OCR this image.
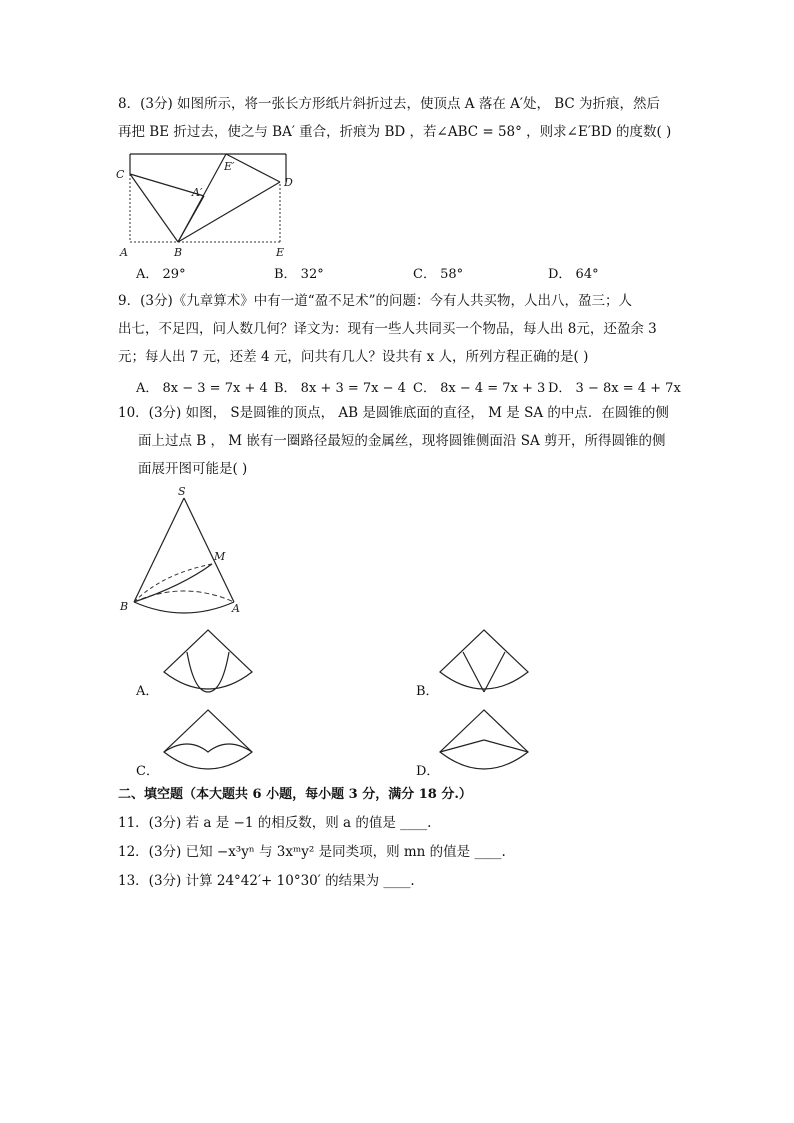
8．(3分) 如图所示，将一张长方形纸片斜折过去，使顶点 A 落在 A′处， BC 为折痕，然后
再把 BE 折过去，使之与 BA′ 重合，折痕为 BD ，若∠ABC = 58° ，则求∠E′BD 的度数( )
C
A′
E′
D
A	B	E
A． 29°	B． 32°	C． 58°	D． 64°
9．(3分)《九章算术》中有一道“盈不足术”的问题：今有人共买物，人出八，盈三；人
出七，不足四，问人数几何？译文为：现有一些人共同买一个物品，每人出 8元，还盈余 3
元；每人出 7 元，还差 4 元，问共有几人？设共有 x 人，所列方程正确的是( )
A． 8x − 3 = 7x + 4 B． 8x + 3 = 7x − 4 C． 8x − 4 = 7x + 3 D． 3 − 8x = 4 + 7x
10．(3分) 如图， S是圆锥的顶点， AB 是圆锥底面的直径， M 是 SA 的中点．在圆锥的侧
面上过点 B ， M 嵌有一圈路径最短的金属丝，现将圆锥侧面沿 SA 剪开，所得圆锥的侧
面展开图可能是( )
S
M
B	A
A．	B．
C．	D．
二、填空题（本大题共 6 小题，每小题 3 分，满分 18 分.）
11．(3分) 若 a 是 −1 的相反数，则 a 的值是 ____.
12．(3分) 已知 −x³yⁿ 与 3xᵐy² 是同类项，则 mn 的值是 ____.
13．(3分) 计算 24°42′+ 10°30′ 的结果为 ____.
